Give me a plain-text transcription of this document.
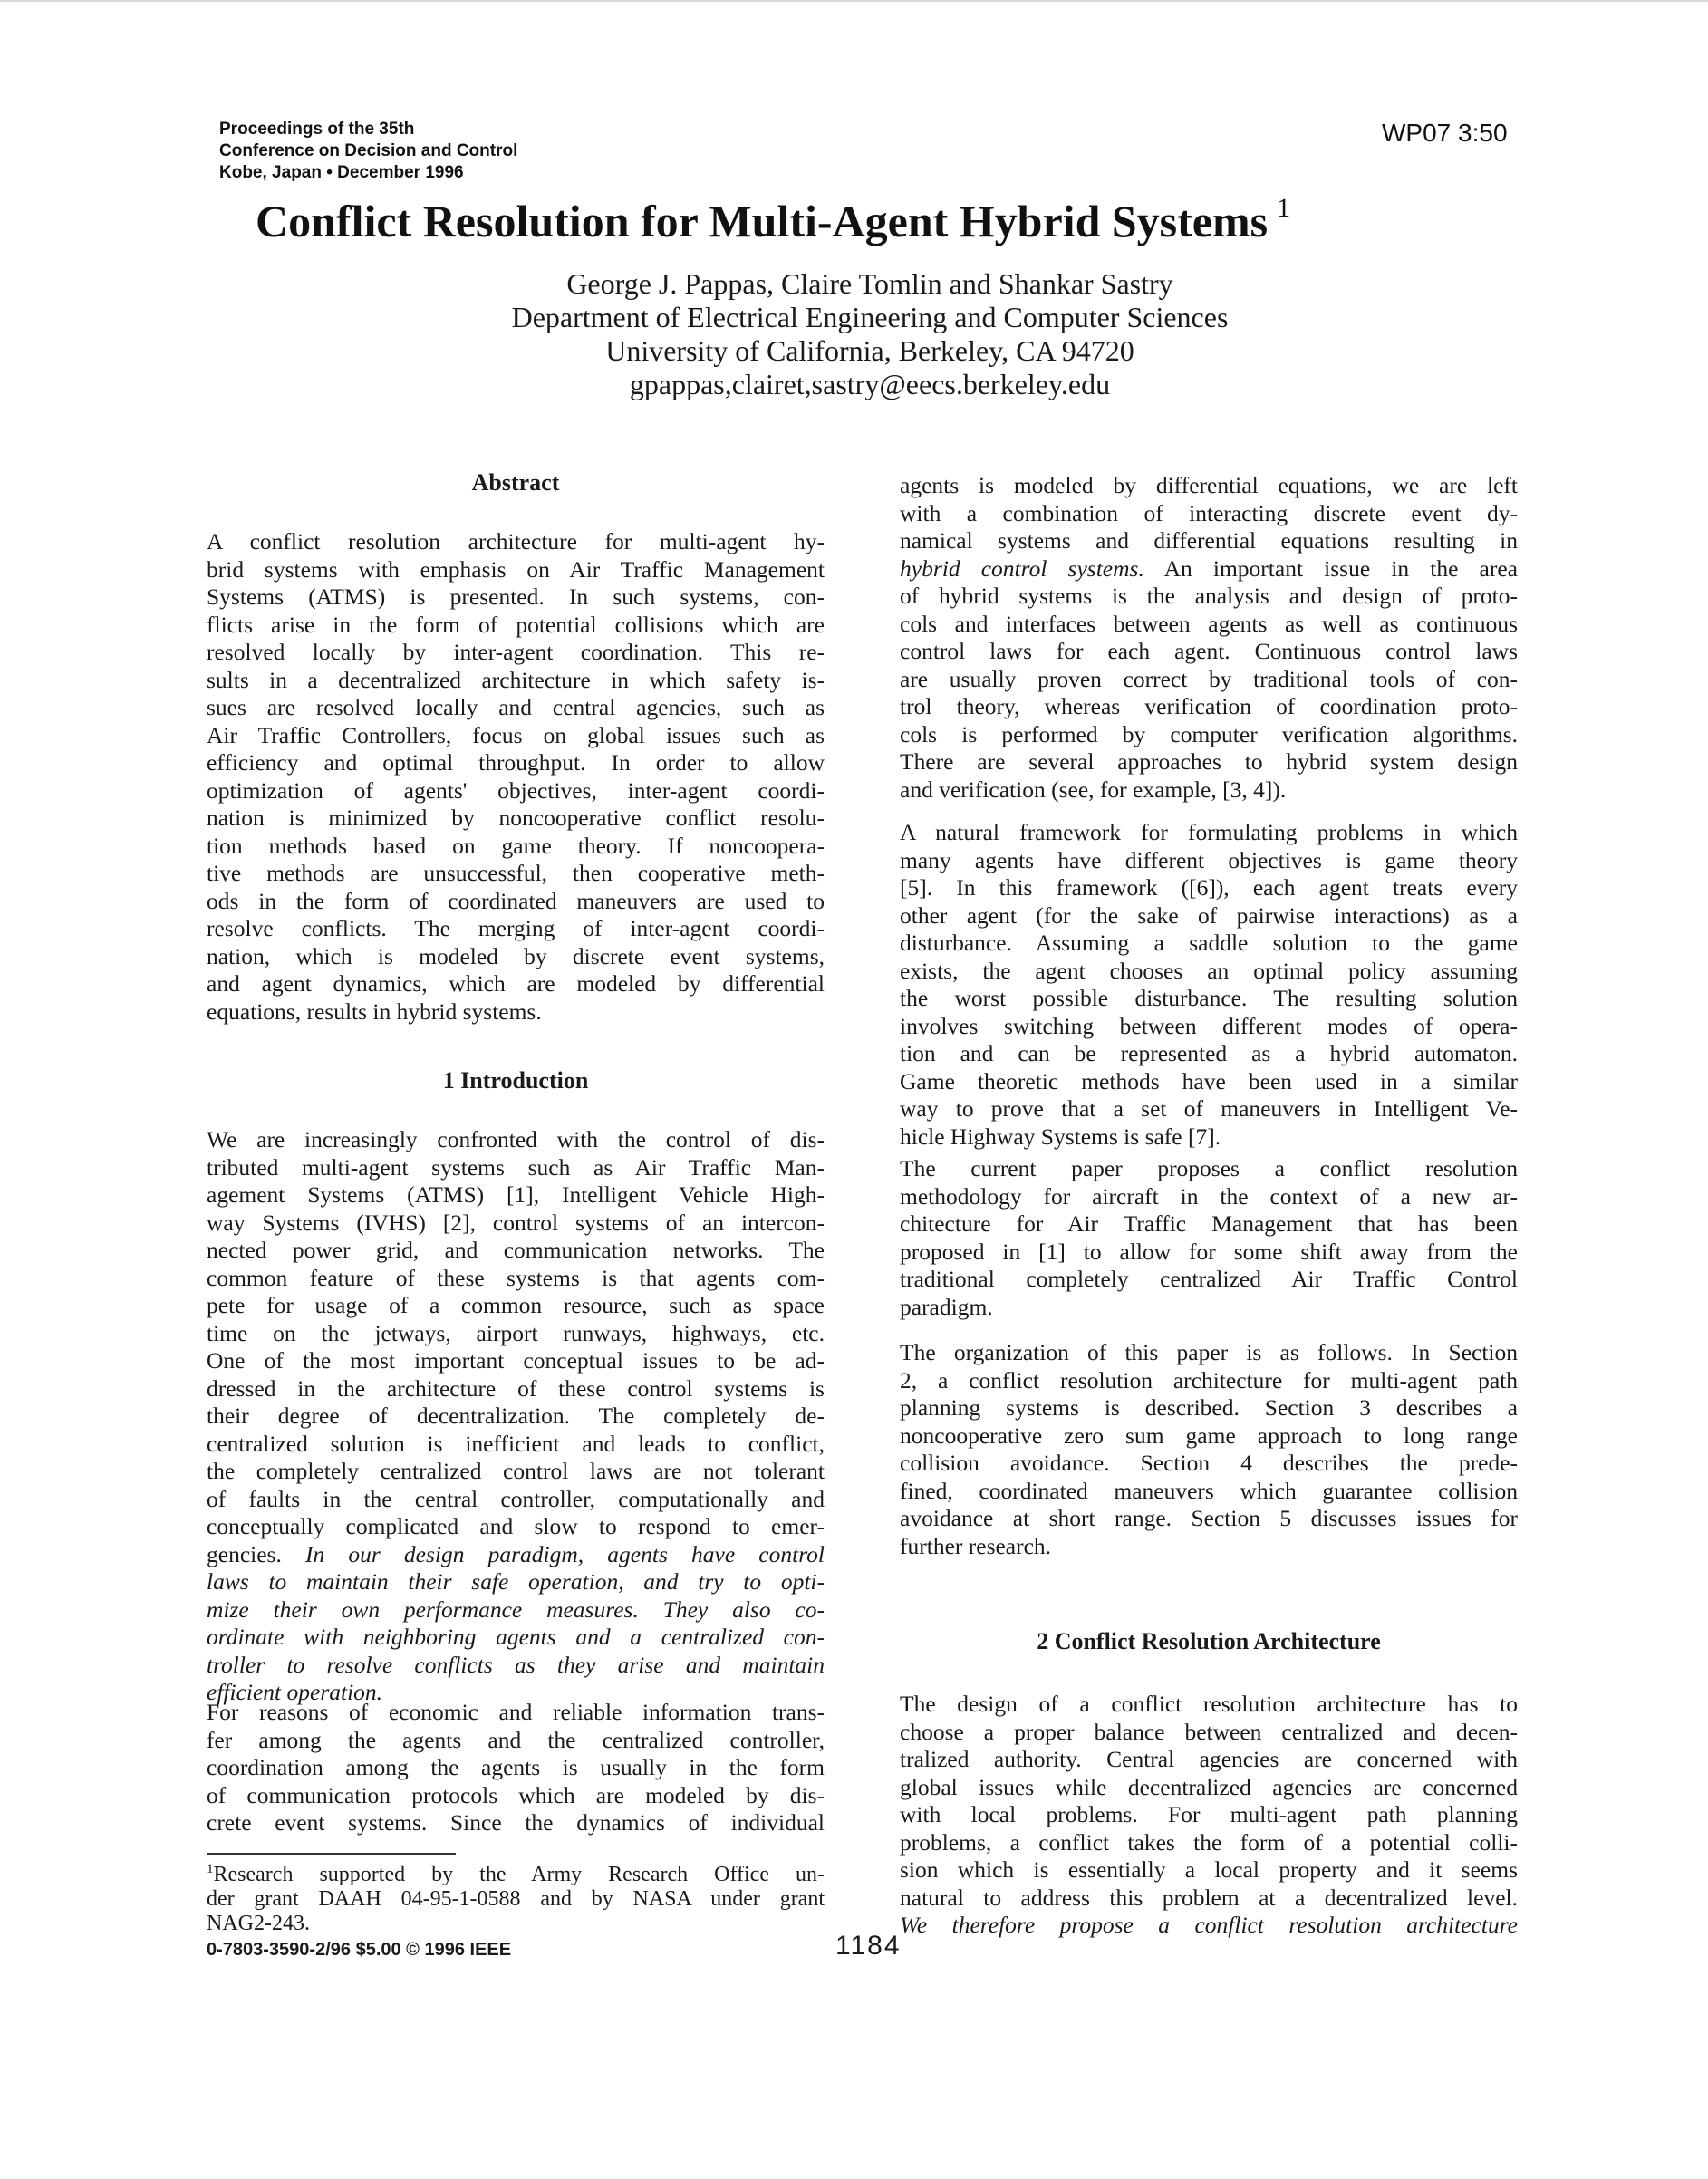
Proceedings of the 35th
Conference on Decision and Control
Kobe, Japan • December 1996
WP07 3:50
Conflict Resolution for Multi-Agent Hybrid Systems $^1$
George J. Pappas, Claire Tomlin and Shankar Sastry
Department of Electrical Engineering and Computer Sciences
University of California, Berkeley, CA 94720
gpappas,clairet,sastry@eecs.berkeley.edu
Abstract
A conflict resolution architecture for multi-agent hy-
brid systems with emphasis on Air Traffic Management
Systems (ATMS) is presented. In such systems, con-
flicts arise in the form of potential collisions which are
resolved locally by inter-agent coordination. This re-
sults in a decentralized architecture in which safety is-
sues are resolved locally and central agencies, such as
Air Traffic Controllers, focus on global issues such as
efficiency and optimal throughput. In order to allow
optimization of agents' objectives, inter-agent coordi-
nation is minimized by noncooperative conflict resolu-
tion methods based on game theory. If noncoopera-
tive methods are unsuccessful, then cooperative meth-
ods in the form of coordinated maneuvers are used to
resolve conflicts. The merging of inter-agent coordi-
nation, which is modeled by discrete event systems,
and agent dynamics, which are modeled by differential
equations, results in hybrid systems.
1 Introduction
We are increasingly confronted with the control of dis-
tributed multi-agent systems such as Air Traffic Man-
agement Systems (ATMS) [1], Intelligent Vehicle High-
way Systems (IVHS) [2], control systems of an intercon-
nected power grid, and communication networks. The
common feature of these systems is that agents com-
pete for usage of a common resource, such as space
time on the jetways, airport runways, highways, etc.
One of the most important conceptual issues to be ad-
dressed in the architecture of these control systems is
their degree of decentralization. The completely de-
centralized solution is inefficient and leads to conflict,
the completely centralized control laws are not tolerant
of faults in the central controller, computationally and
conceptually complicated and slow to respond to emer-
gencies. In our design paradigm, agents have control
laws to maintain their safe operation, and try to opti-
mize their own performance measures. They also co-
ordinate with neighboring agents and a centralized con-
troller to resolve conflicts as they arise and maintain
efficient operation.
For reasons of economic and reliable information trans-
fer among the agents and the centralized controller,
coordination among the agents is usually in the form
of communication protocols which are modeled by dis-
crete event systems. Since the dynamics of individual
agents is modeled by differential equations, we are left
with a combination of interacting discrete event dy-
namical systems and differential equations resulting in
hybrid control systems. An important issue in the area
of hybrid systems is the analysis and design of proto-
cols and interfaces between agents as well as continuous
control laws for each agent. Continuous control laws
are usually proven correct by traditional tools of con-
trol theory, whereas verification of coordination proto-
cols is performed by computer verification algorithms.
There are several approaches to hybrid system design
and verification (see, for example, [3, 4]).
A natural framework for formulating problems in which
many agents have different objectives is game theory
[5]. In this framework ([6]), each agent treats every
other agent (for the sake of pairwise interactions) as a
disturbance. Assuming a saddle solution to the game
exists, the agent chooses an optimal policy assuming
the worst possible disturbance. The resulting solution
involves switching between different modes of opera-
tion and can be represented as a hybrid automaton.
Game theoretic methods have been used in a similar
way to prove that a set of maneuvers in Intelligent Ve-
hicle Highway Systems is safe [7].
The current paper proposes a conflict resolution
methodology for aircraft in the context of a new ar-
chitecture for Air Traffic Management that has been
proposed in [1] to allow for some shift away from the
traditional completely centralized Air Traffic Control
paradigm.
The organization of this paper is as follows. In Section
2, a conflict resolution architecture for multi-agent path
planning systems is described. Section 3 describes a
noncooperative zero sum game approach to long range
collision avoidance. Section 4 describes the prede-
fined, coordinated maneuvers which guarantee collision
avoidance at short range. Section 5 discusses issues for
further research.
2 Conflict Resolution Architecture
The design of a conflict resolution architecture has to
choose a proper balance between centralized and decen-
tralized authority. Central agencies are concerned with
global issues while decentralized agencies are concerned
with local problems. For multi-agent path planning
problems, a conflict takes the form of a potential colli-
sion which is essentially a local property and it seems
natural to address this problem at a decentralized level.
We therefore propose a conflict resolution architecture
$^1$Research supported by the Army Research Office un-
der grant DAAH 04-95-1-0588 and by NASA under grant
NAG2-243.
0-7803-3590-2/96 $5.00 © 1996 IEEE	1184
